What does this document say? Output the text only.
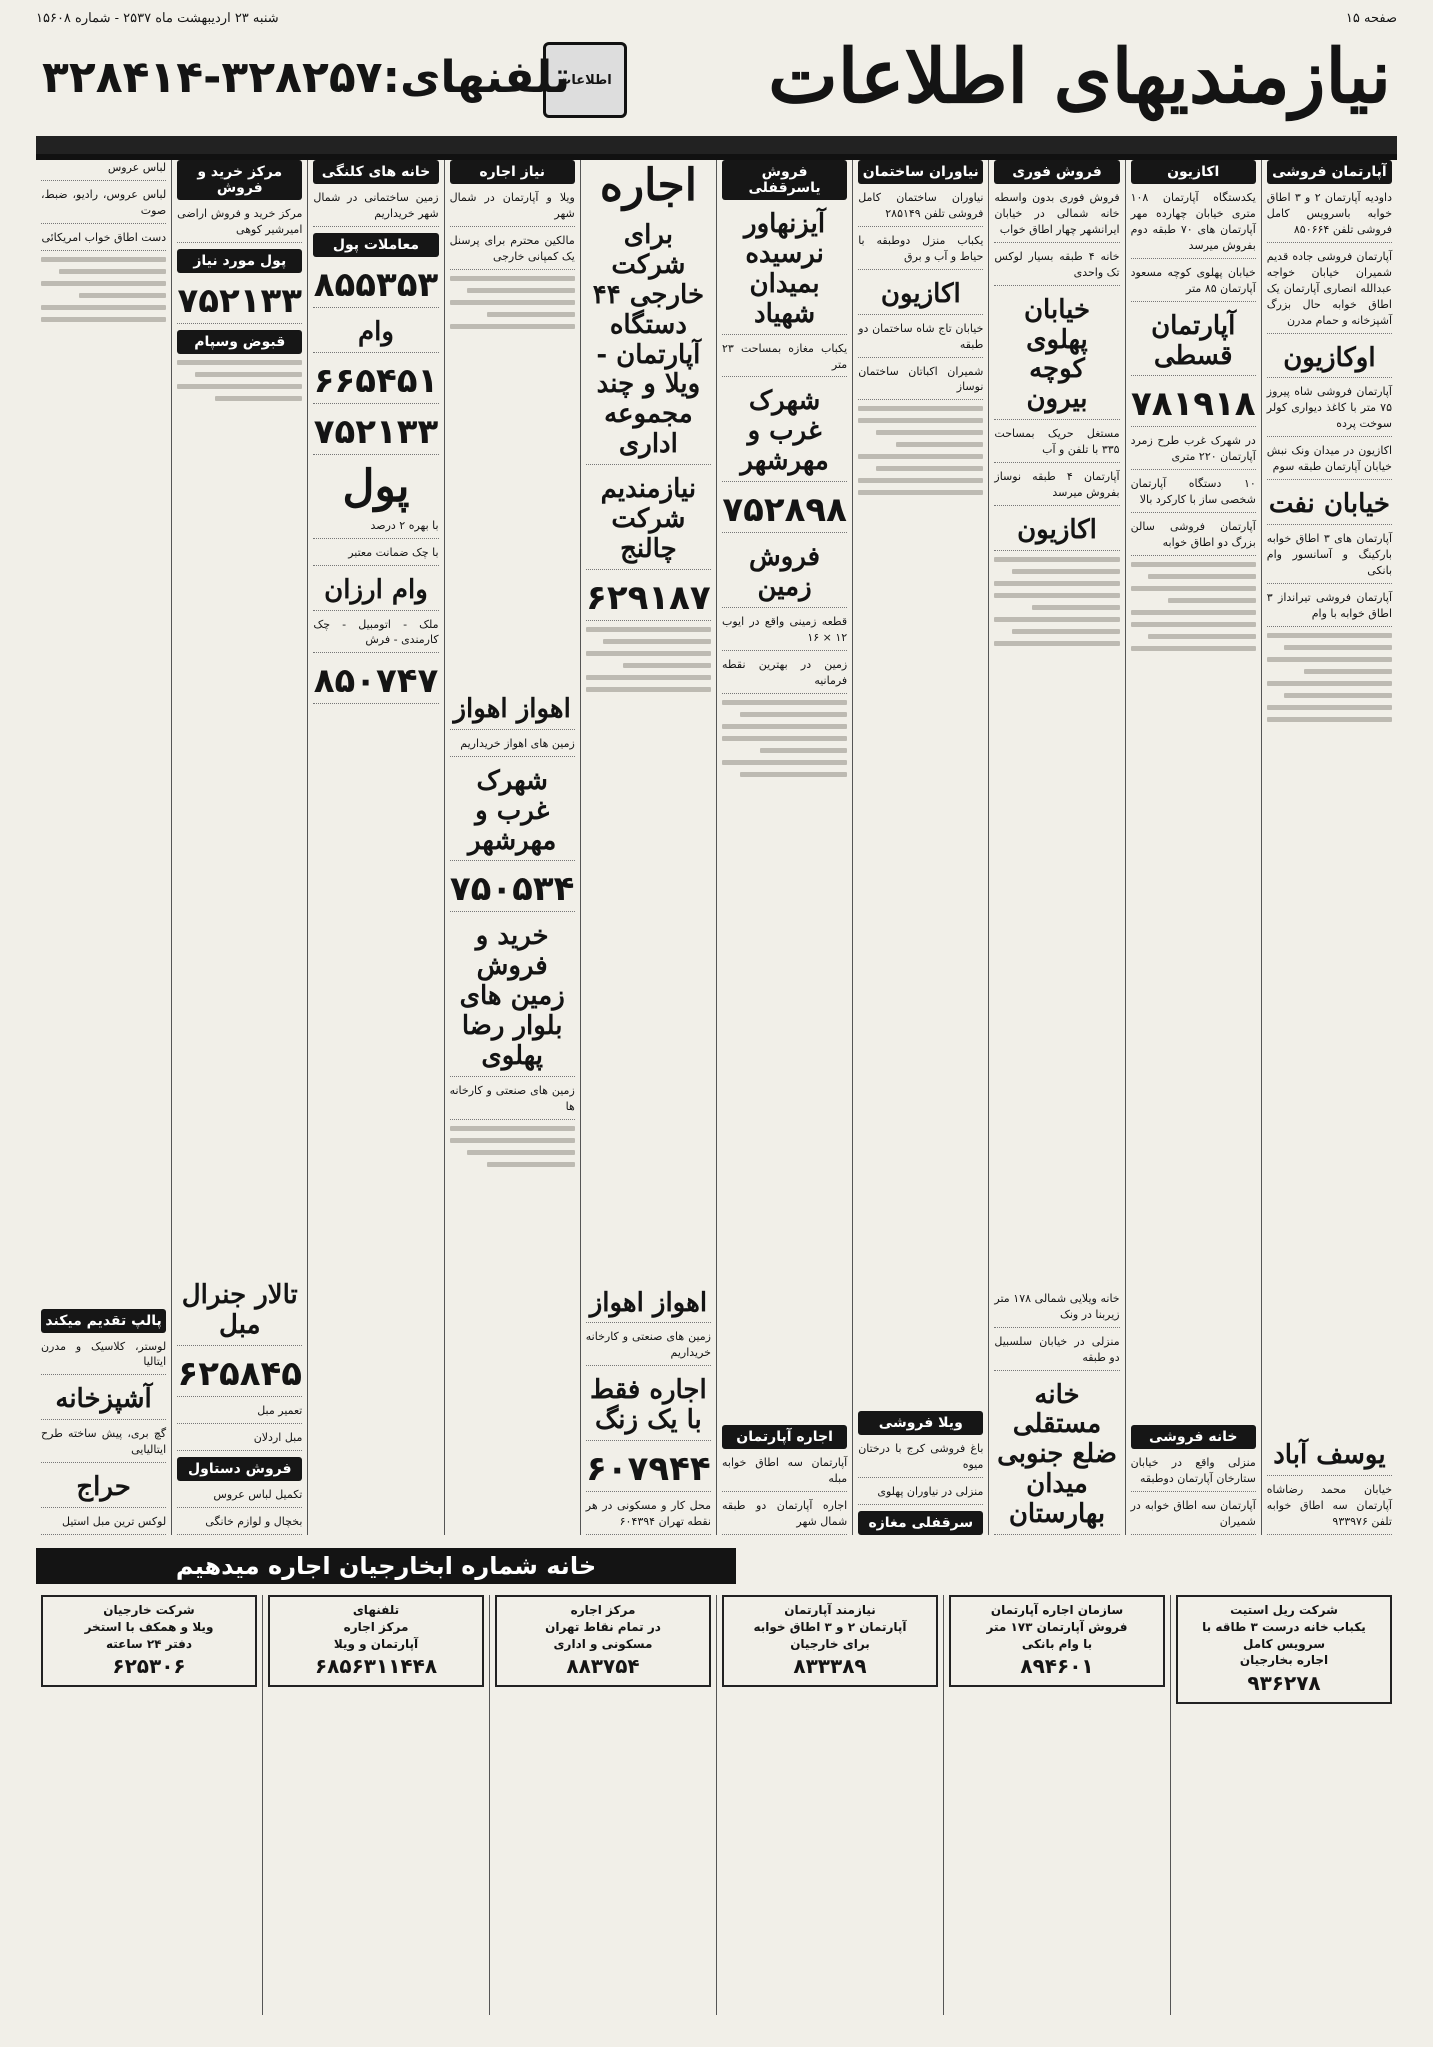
صفحه ۱۵
شنبه ۲۳ اردیبهشت ماه ۲۵۳۷ - شماره ۱۵۶۰۸
نیازمندیهای اطلاعات
اطلاعات
تلفنهای:۳۲۸۲۵۷-۳۲۸۴۱۴
آپارتمان فروشی
داودیه آپارتمان ۲ و ۳ اطاق خوابه باسرویس کامل فروشی تلفن ۸۵۰۶۶۴
آپارتمان فروشی جاده قدیم شمیران خیابان خواجه عبدالله انصاری آپارتمان یک اطاق خوابه حال بزرگ آشپزخانه و حمام مدرن
اوکازیون
آپارتمان فروشی شاه پیروز ۷۵ متر با کاغذ دیواری کولر سوخت پرده
اکازیون در میدان ونک نبش خیابان آپارتمان طبقه سوم
خیابان نفت
آپارتمان های ۳ اطاق خوابه بارکینگ و آسانسور وام بانکی
آپارتمان فروشی تیرانداز ۳ اطاق خوابه با وام
یوسف آباد
خیابان محمد رضاشاه آپارتمان سه اطاق خوابه تلفن ۹۳۳۹۷۶
اکازیون
یکدستگاه آپارتمان ۱۰۸ متری خیابان چهارده مهر آپارتمان های ۷۰ طبقه دوم بفروش میرسد
خیابان پهلوی کوچه مسعود آپارتمان ۸۵ متر
آپارتمان قسطی
۷۸۱۹۱۸
در شهرک غرب طرح زمرد آپارتمان ۲۲۰ متری
۱۰ دستگاه آپارتمان شخصی ساز با کارکرد بالا
آپارتمان فروشی سالن بزرگ دو اطاق خوابه
خانه فروشی
منزلی واقع در خیابان ستارخان آپارتمان دوطبقه
آپارتمان سه اطاق خوابه در شمیران
فروش فوری
فروش فوری بدون واسطه خانه شمالی در خیابان ایرانشهر چهار اطاق خواب
خانه ۴ طبقه بسیار لوکس تک واحدی
خیابان پهلوی کوچه بیرون
مستغل حریک بمساحت ۳۳۵ با تلفن و آب
آپارتمان ۴ طبقه نوساز بفروش میرسد
اکازیون
خانه ویلایی شمالی ۱۷۸ متر زیربنا در ونک
منزلی در خیابان سلسبیل دو طبقه
خانه مستقلی ضلع جنوبی میدان بهارستان
نیاوران ساختمان
نیاوران ساختمان کامل فروشی تلفن ۲۸۵۱۴۹
یکباب منزل دوطبقه با حیاط و آب و برق
اکازیون
خیابان تاج شاه ساختمان دو طبقه
شمیران اکباتان ساختمان نوساز
ویلا فروشی
باغ فروشی کرج با درختان میوه
منزلی در نیاوران پهلوی
سرقفلی مغازه
فروش یاسرقفلی
آیزنهاور نرسیده بمیدان شهیاد
یکباب مغازه بمساحت ۲۳ متر
شهرک غرب و مهرشهر
۷۵۲۸۹۸
فروش زمین
قطعه زمینی واقع در ایوب ۱۲ × ۱۶
زمین در بهترین نقطه فرمانیه
اجاره آپارتمان
آپارتمان سه اطاق خوابه مبله
اجاره آپارتمان دو طبقه شمال شهر
اجاره
برای شرکت خارجی ۴۴ دستگاه آپارتمان - ویلا و چند مجموعه اداری
نیازمندیم شرکت چالنج
۶۲۹۱۸۷
اهواز اهواز
زمین های صنعتی و کارخانه خریداریم
اجاره فقط با یک زنگ
۶۰۷۹۴۴
محل کار و مسکونی در هر نقطه تهران ۶۰۴۳۹۴
نیاز اجاره
ویلا و آپارتمان در شمال شهر
مالکین محترم برای پرسنل یک کمپانی خارجی
اهواز اهواز
زمین های اهواز خریداریم
شهرک غرب و مهرشهر
۷۵۰۵۳۴
خرید و فروش زمین های بلوار رضا پهلوی
زمین های صنعتی و کارخانه ها
خانه های کلنگی
زمین ساختمانی در شمال شهر خریداریم
معاملات پول
۸۵۵۳۵۳
وام
۶۶۵۴۵۱
۷۵۲۱۳۳
پول
با بهره ۲ درصد
با چک ضمانت معتبر
وام ارزان
ملک - اتومبیل - چک کارمندی - فرش
۸۵۰۷۴۷
مرکز خرید و فروش
مرکز خرید و فروش اراضی امیرشیر کوهی
پول مورد نیاز
۷۵۲۱۳۳
قبوض وسپام
تالار جنرال مبل
۶۲۵۸۴۵
تعمیر مبل
مبل اردلان
فروش دستاول
تکمیل لباس عروس
بخچال و لوازم خانگی
لباس عروس
لباس عروس، رادیو، ضبط، صوت
دست اطاق خواب امریکائی
پالپ تقدیم میکند
لوستر، کلاسیک و مدرن ایتالیا
آشپزخانه
گچ بری، پیش ساخته طرح ایتالیایی
حراج
لوکس ترین مبل استیل
خانه شماره ابخارجیان اجاره میدهیم
شرکت ریل استیت
یکباب خانه درست ۳ طاقه با سرویس کامل
اجاره بخارجیان
۹۳۶۲۷۸
سازمان اجاره آپارتمان
فروش آپارتمان ۱۷۳ متر
با وام بانکی
۸۹۴۶۰۱
نیازمند آپارتمان
آپارتمان ۲ و ۳ اطاق خوابه
برای خارجیان
۸۳۳۳۸۹
مرکز اجاره
در تمام نقاط تهران
مسکونی و اداری
۸۸۳۷۵۴
تلفنهای
مرکز اجاره
آپارتمان و ویلا
۶۸۵۶۳۱۱۴۴۸
شرکت خارجیان
ویلا و همکف با استخر
دفتر ۲۴ ساعته
۶۲۵۳۰۶
